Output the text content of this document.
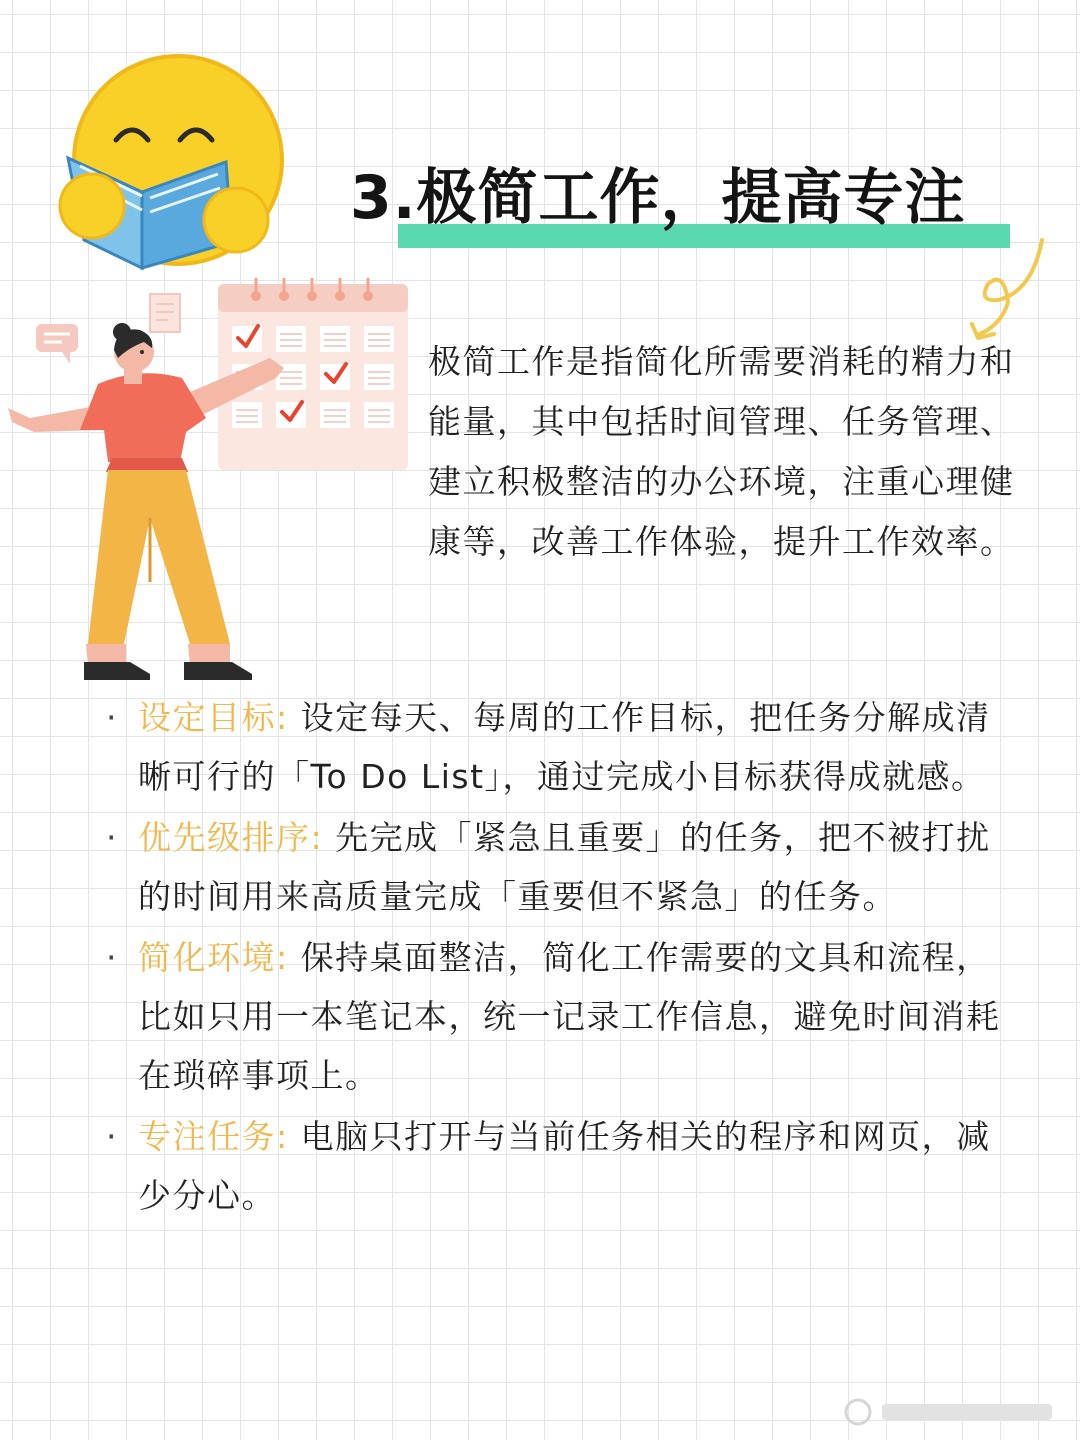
3.极简工作，提高专注

极简工作是指简化所需要消耗的精力和能量，其中包括时间管理、任务管理、建立积极整洁的办公环境，注重心理健康等，改善工作体验，提升工作效率。

· 设定目标: 设定每天、每周的工作目标，把任务分解成清晰可行的「To Do List」，通过完成小目标获得成就感。
· 优先级排序: 先完成「紧急且重要」的任务，把不被打扰的时间用来高质量完成「重要但不紧急」的任务。
· 简化环境: 保持桌面整洁，简化工作需要的文具和流程，比如只用一本笔记本，统一记录工作信息，避免时间消耗在琐碎事项上。
· 专注任务: 电脑只打开与当前任务相关的程序和网页，减少分心。
